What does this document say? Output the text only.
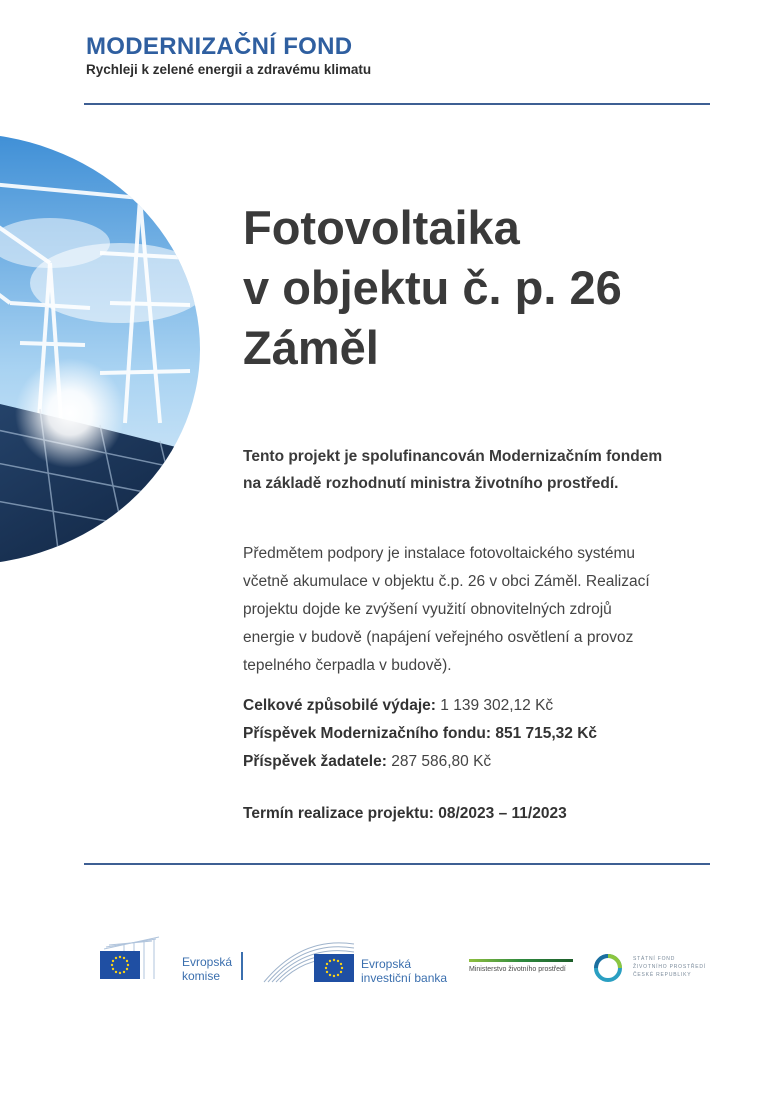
MODERNIZAČNÍ FOND
Rychleji k zelené energii a zdravému klimatu
Fotovoltaika
v objektu č. p. 26
Záměl
Tento projekt je spolufinancován Modernizačním fondem
na základě rozhodnutí ministra životního prostředí.
Předmětem podpory je instalace fotovoltaického systému
včetně akumulace v objektu č.p. 26 v obci Záměl. Realizací
projektu dojde ke zvýšení využití obnovitelných zdrojů
energie v budově (napájení veřejného osvětlení a provoz
tepelného čerpadla v budově).
Celkové způsobilé výdaje: 1 139 302,12 Kč
Příspěvek Modernizačního fondu: 851 715,32 Kč
Příspěvek žadatele: 287 586,80 Kč
Termín realizace projektu: 08/2023 – 11/2023
Evropská
komise
Evropská
investiční banka
Ministerstvo životního prostředí
STÁTNÍ FOND
ŽIVOTNÍHO PROSTŘEDÍ
ČESKÉ REPUBLIKY
